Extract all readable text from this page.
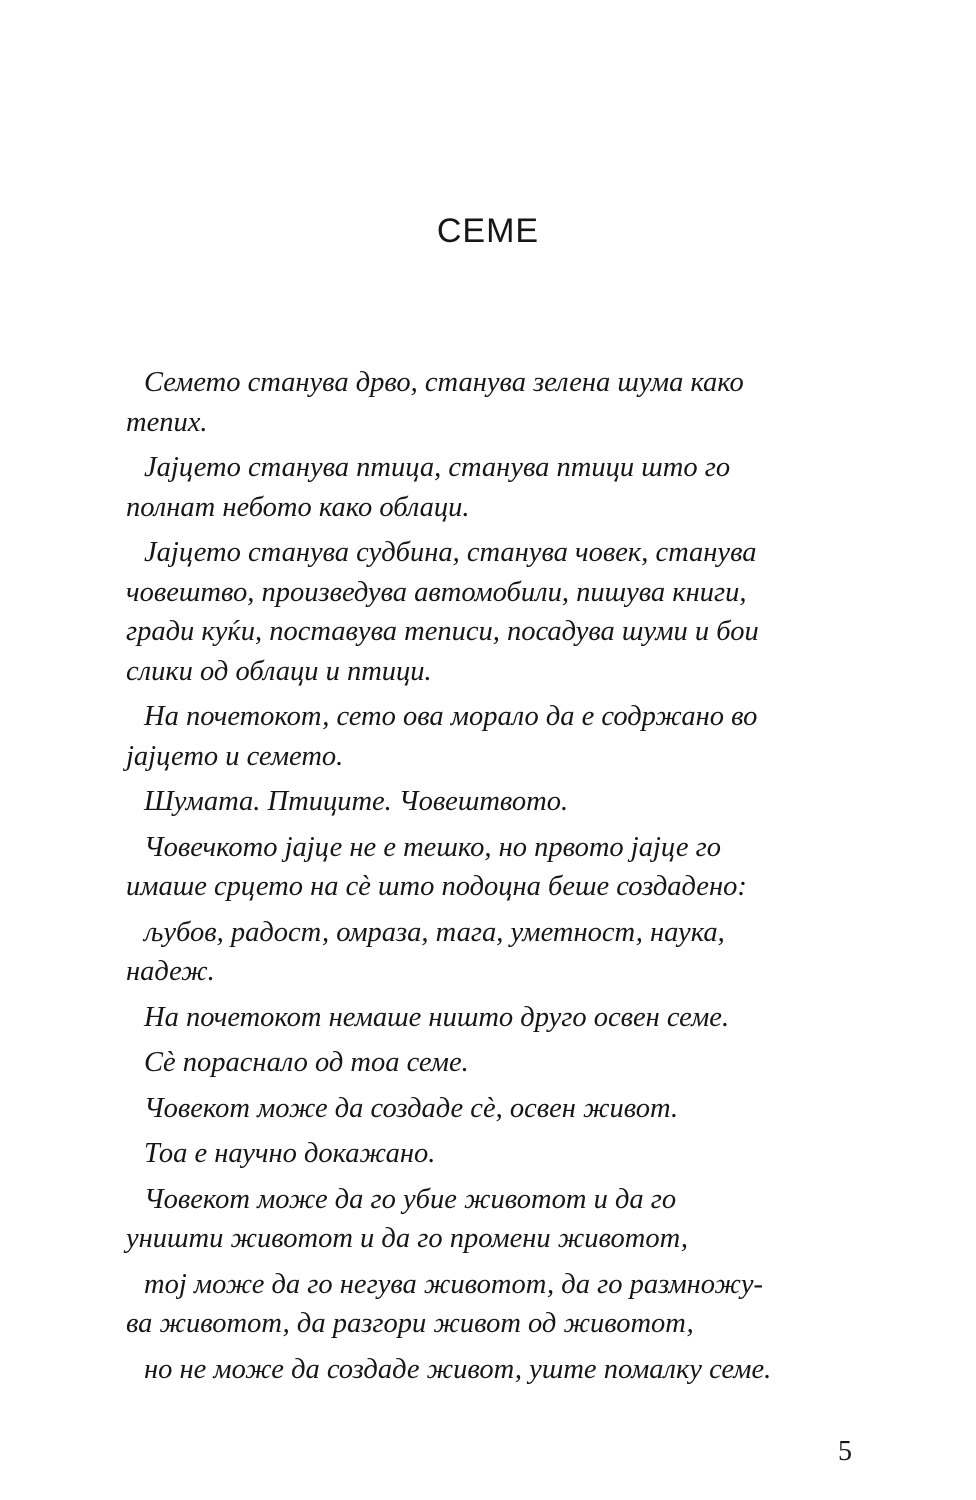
СЕМЕ

Семето станува дрво, станува зелена шума како
тепих.

Јајцето станува птица, станува птици што го
полнат небото како облаци.

Јајцето станува судбина, станува човек, станува
човештво, произведува автомобили, пишува книги,
гради куќи, поставува теписи, посадува шуми и бои
слики од облаци и птици.

На почетокот, сето ова морало да е содржано во
јајцето и семето.

Шумата. Птиците. Човештвото.

Човечкото јајце не е тешко, но првото јајце го
имаше срцето на сè што подоцна беше создадено:

љубов, радост, омраза, тага, уметност, наука,
надеж.

На почетокот немаше ништо друго освен семе.

Сè пораснало од тоа семе.

Човекот може да создаде сè, освен живот.

Тоа е научно докажано.

Човекот може да го убие животот и да го
уништи животот и да го промени животот,

тој може да го негува животот, да го размножу-
ва животот, да разгори живот од животот,

но не може да создаде живот, уште помалку семе.

5
